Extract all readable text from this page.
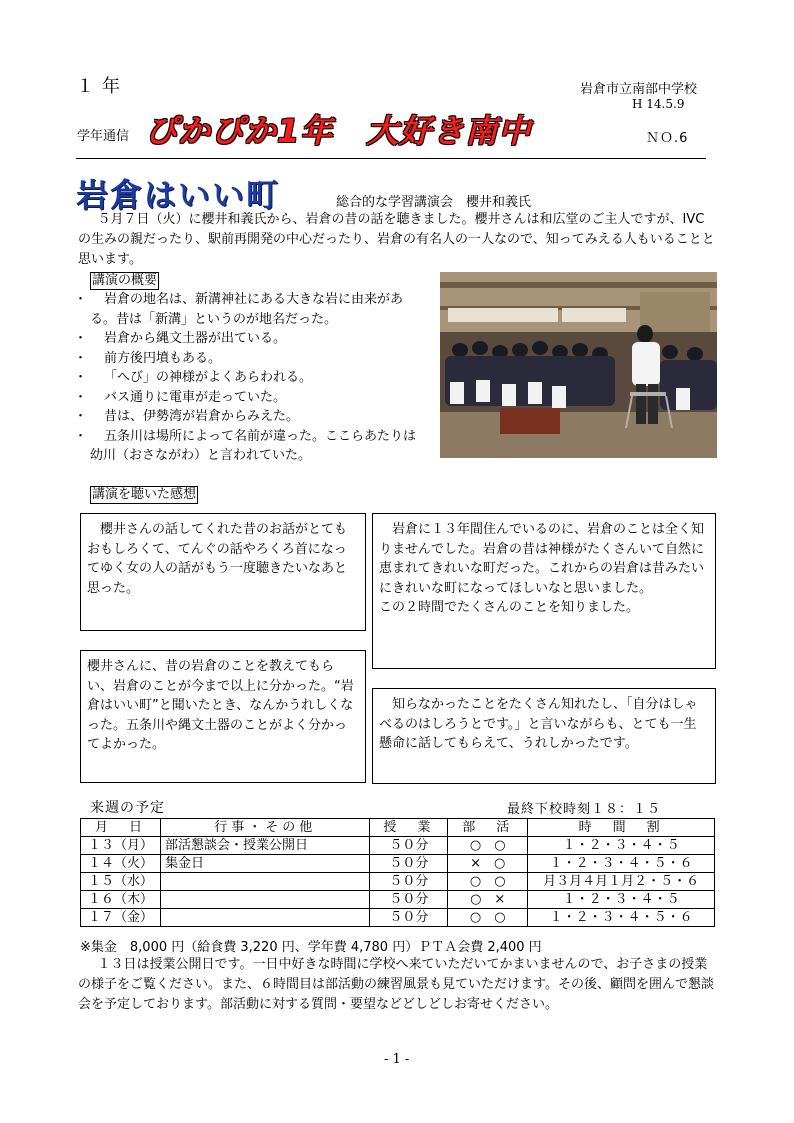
１年	岩倉市立南部中学校
H 14.5.9
学年通信 ぴかぴか1年　大好き南中	ＮＯ.6
岩倉はいい町	総合的な学習講演会　櫻井和義氏
５月７日（火）に櫻井和義氏から、岩倉の昔の話を聴きました。櫻井さんは和広堂のご主人ですが、IVC の生みの親だったり、駅前再開発の中心だったり、岩倉の有名人の一人なので、知ってみえる人もいることと思います。
講演の概要
・ 岩倉の地名は、新溝神社にある大きな岩に由来がある。昔は「新溝」というのが地名だった。
・ 岩倉から縄文土器が出ている。
・ 前方後円墳もある。
・ 「へび」の神様がよくあらわれる。
・ バス通りに電車が走っていた。
・ 昔は、伊勢湾が岩倉からみえた。
・ 五条川は場所によって名前が違った。ここらあたりは幼川（おさながわ）と言われていた。
講演を聴いた感想
櫻井さんの話してくれた昔のお話がとてもおもしろくて、てんぐの話やろくろ首になってゆく女の人の話がもう一度聴きたいなあと思った。
岩倉に１３年間住んでいるのに、岩倉のことは全く知りませんでした。岩倉の昔は神様がたくさんいて自然に恵まれてきれいな町だった。これからの岩倉は昔みたいにきれいな町になってほしいなと思いました。
この２時間でたくさんのことを知りました。
櫻井さんに、昔の岩倉のことを教えてもらい、岩倉のことが今まで以上に分かった。“岩倉はいい町”と聞いたとき、なんかうれしくなった。五条川や縄文土器のことがよく分かってよかった。
知らなかったことをたくさん知れたし、「自分はしゃべるのはしろうとです。」と言いながらも、とても一生懸命に話してもらえて、うれしかったです。
来週の予定	最終下校時刻１８：１５
月　日	行事・その他	授　業	部　活	時　間　割
１３（月）	部活懇談会・授業公開日	５０分	○　○	１・２・３・４・５
１４（火）	集金日	５０分	×　○	１・２・３・４・５・６
１５（水）		５０分	○　○	月３月４月１月２・５・６
１６（木）		５０分	○　×	１・２・３・４・５
１７（金）		５０分	○　○	１・２・３・４・５・６
※集金　8,000 円（給食費 3,220 円、学年費 4,780 円）ＰＴＡ会費 2,400 円
１３日は授業公開日です。一日中好きな時間に学校へ来ていただいてかまいませんので、お子さまの授業の様子をご覧ください。また、６時間目は部活動の練習風景も見ていただけます。その後、顧問を囲んで懇談会を予定しております。部活動に対する質問・要望などどしどしお寄せください。
- 1 -
